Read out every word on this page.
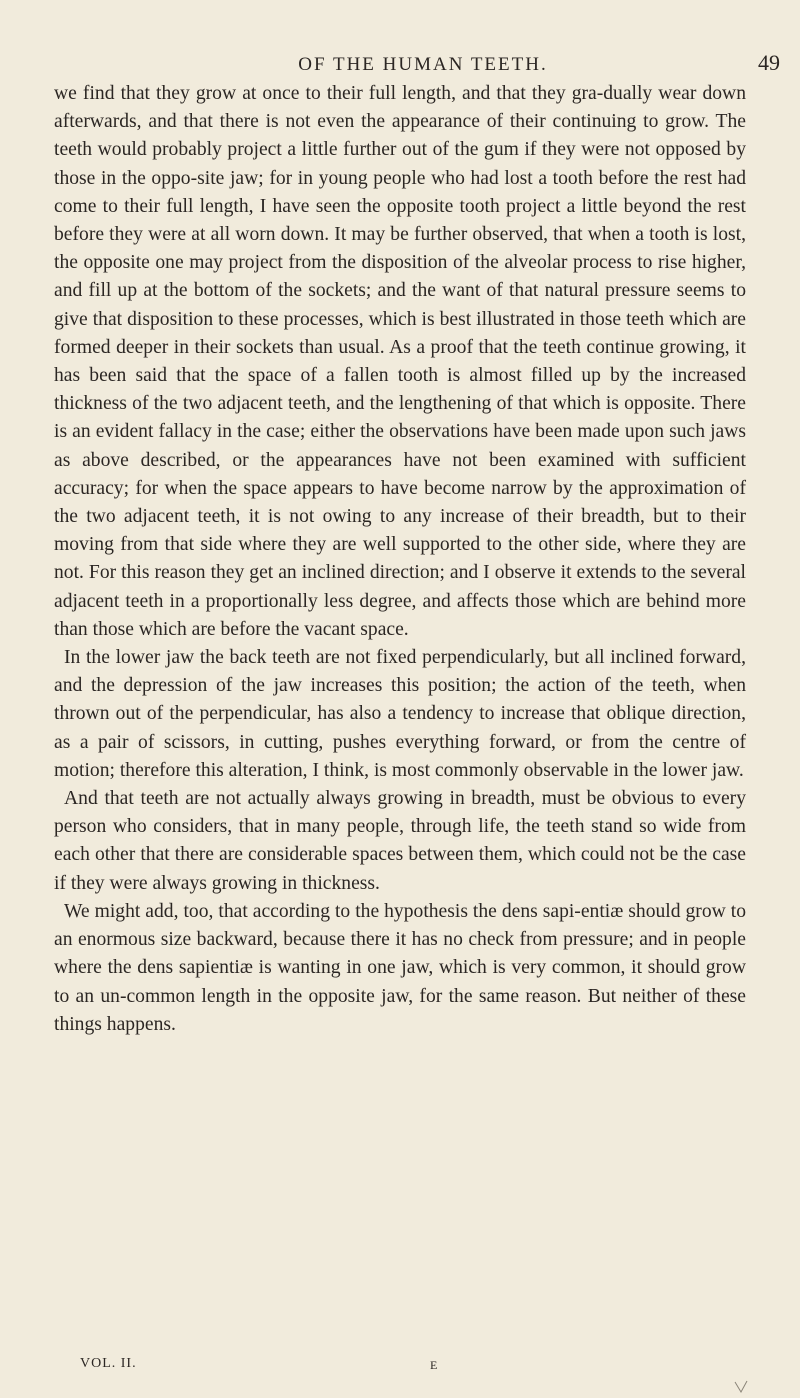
OF THE HUMAN TEETH.	49

we find that they grow at once to their full length, and that they gra-dually wear down afterwards, and that there is not even the appearance of their continuing to grow. The teeth would probably project a little further out of the gum if they were not opposed by those in the oppo-site jaw; for in young people who had lost a tooth before the rest had come to their full length, I have seen the opposite tooth project a little beyond the rest before they were at all worn down. It may be further observed, that when a tooth is lost, the opposite one may project from the disposition of the alveolar process to rise higher, and fill up at the bottom of the sockets; and the want of that natural pressure seems to give that disposition to these processes, which is best illustrated in those teeth which are formed deeper in their sockets than usual. As a proof that the teeth continue growing, it has been said that the space of a fallen tooth is almost filled up by the increased thickness of the two adjacent teeth, and the lengthening of that which is opposite. There is an evident fallacy in the case; either the observations have been made upon such jaws as above described, or the appearances have not been examined with sufficient accuracy; for when the space appears to have become narrow by the approximation of the two adjacent teeth, it is not owing to any increase of their breadth, but to their moving from that side where they are well supported to the other side, where they are not. For this reason they get an inclined direction; and I observe it extends to the several adjacent teeth in a proportionally less degree, and affects those which are behind more than those which are before the vacant space.

In the lower jaw the back teeth are not fixed perpendicularly, but all inclined forward, and the depression of the jaw increases this position; the action of the teeth, when thrown out of the perpendicular, has also a tendency to increase that oblique direction, as a pair of scissors, in cutting, pushes everything forward, or from the centre of motion; therefore this alteration, I think, is most commonly observable in the lower jaw.

And that teeth are not actually always growing in breadth, must be obvious to every person who considers, that in many people, through life, the teeth stand so wide from each other that there are considerable spaces between them, which could not be the case if they were always growing in thickness.

We might add, too, that according to the hypothesis the dens sapi-entiæ should grow to an enormous size backward, because there it has no check from pressure; and in people where the dens sapientiæ is wanting in one jaw, which is very common, it should grow to an un-common length in the opposite jaw, for the same reason. But neither of these things happens.

VOL. II.	E
